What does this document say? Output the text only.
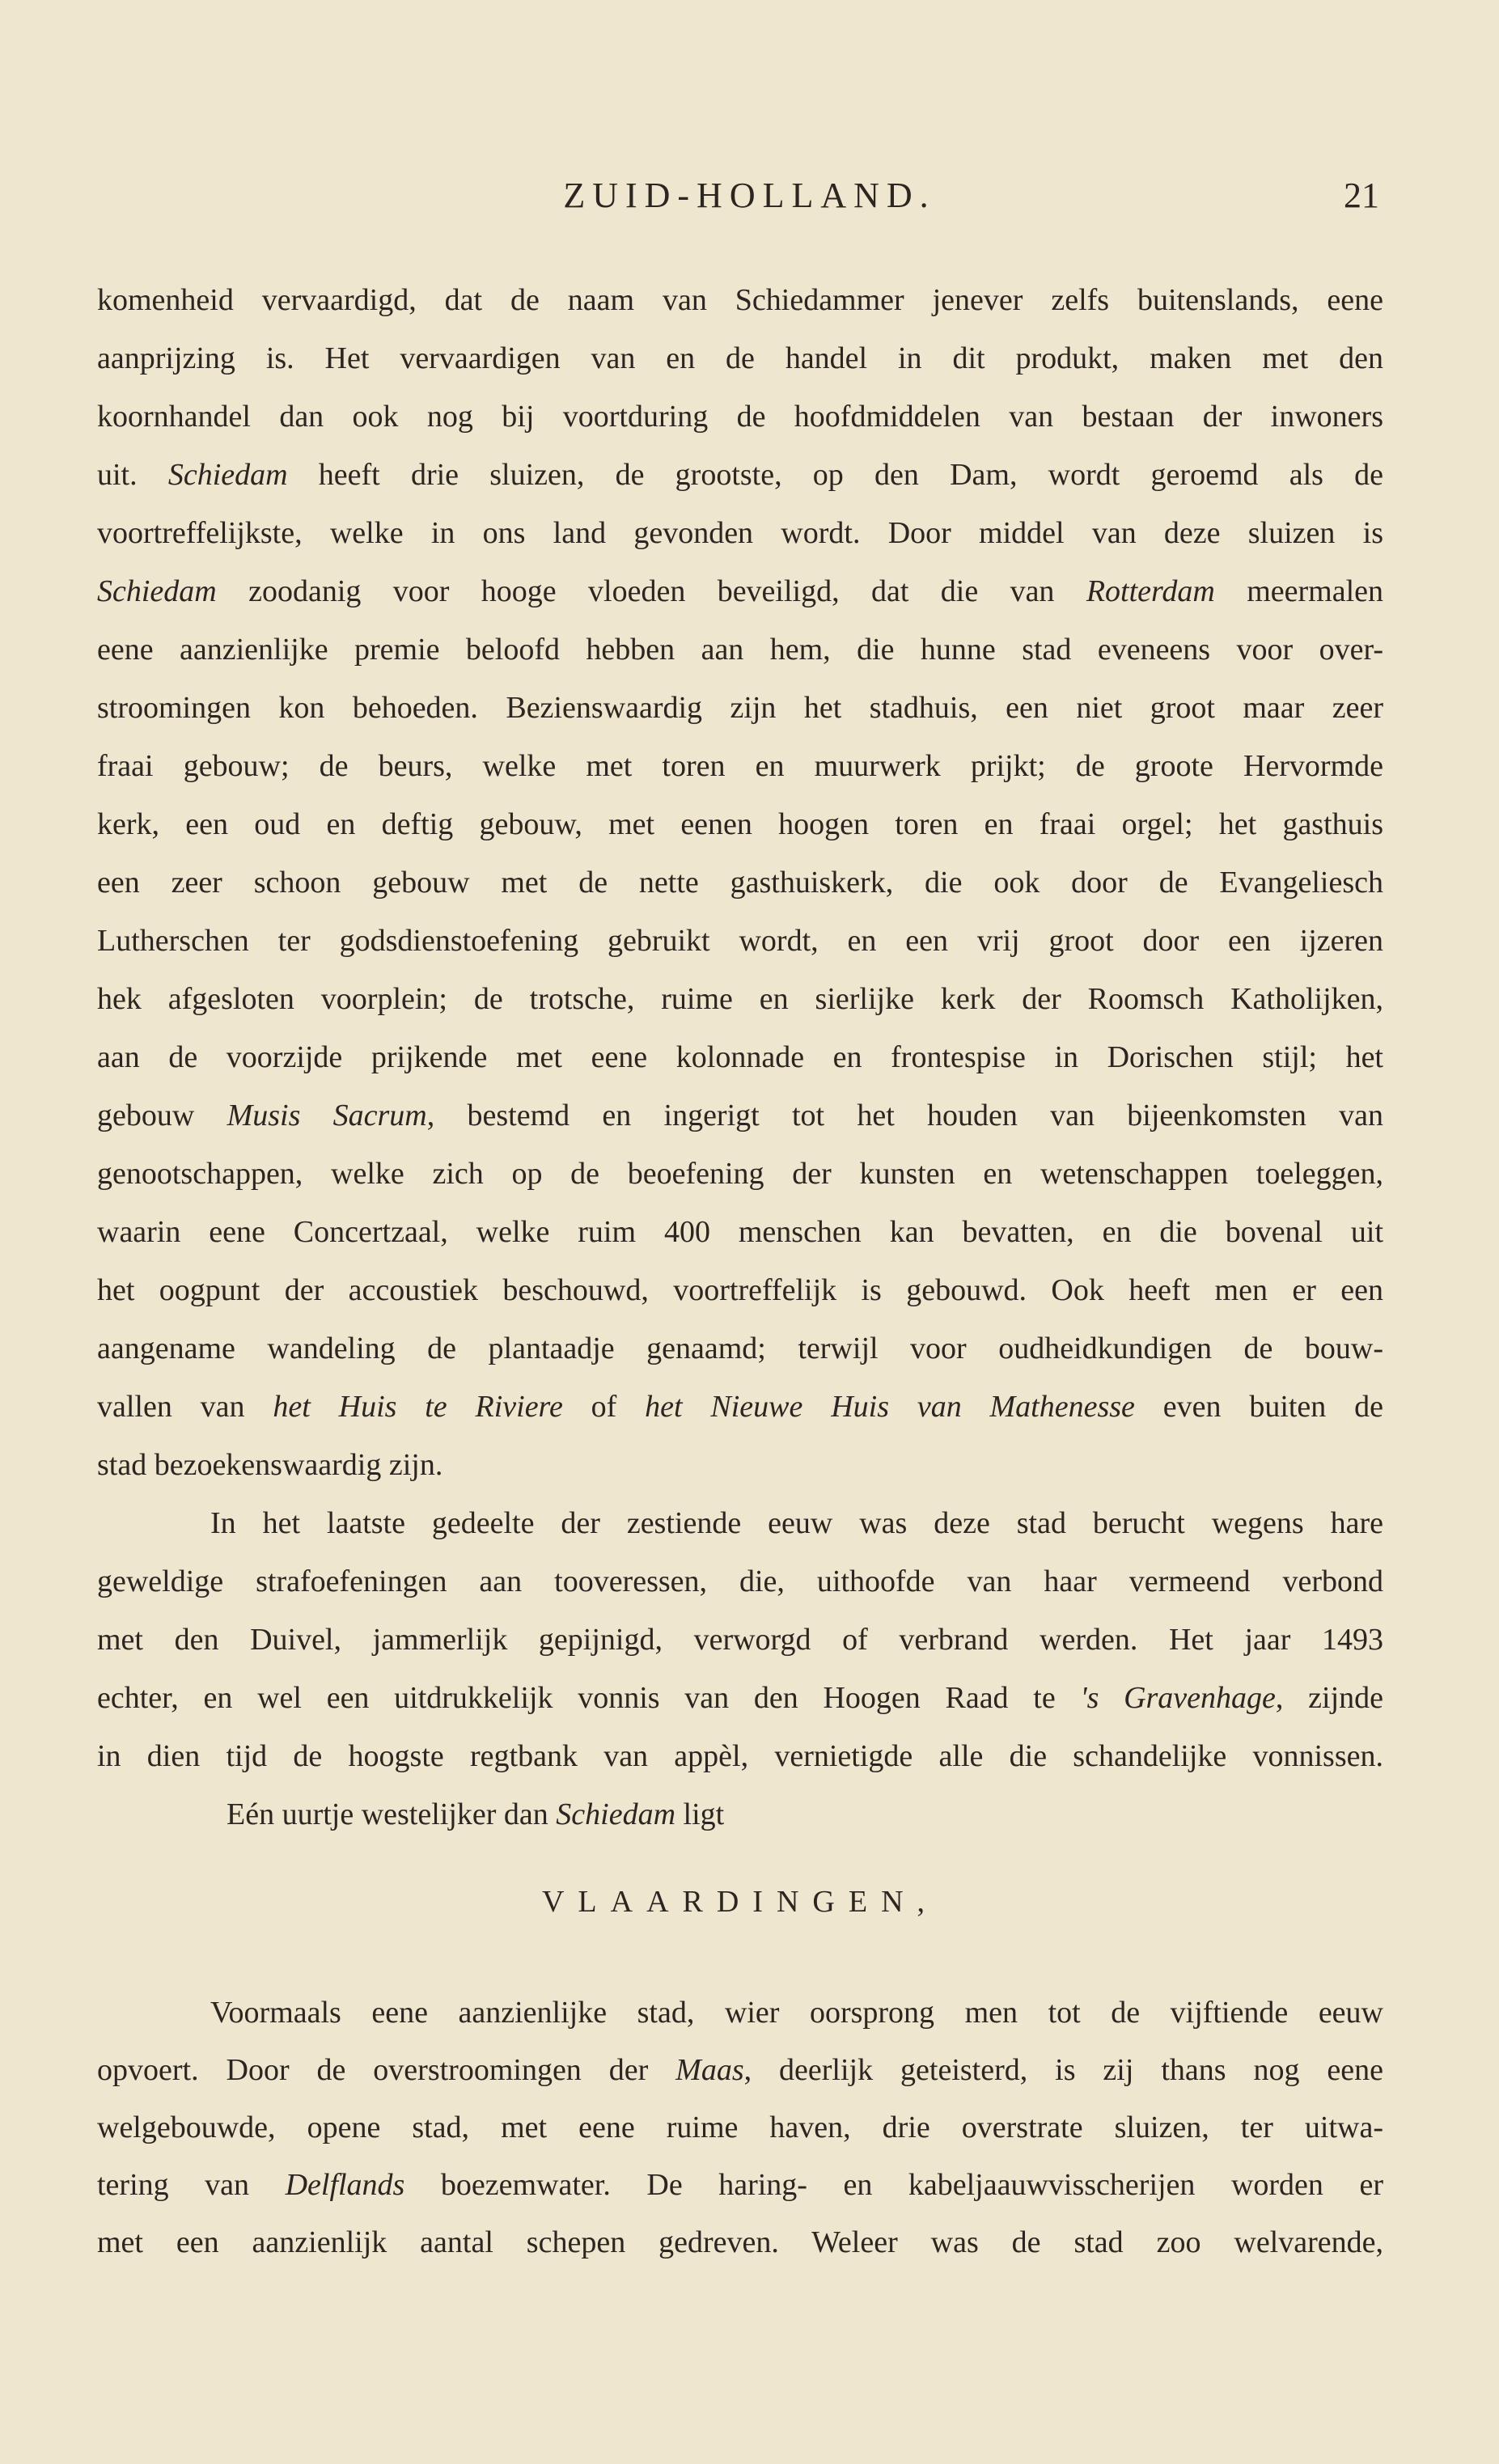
ZUID-HOLLAND.	21
komenheid vervaardigd, dat de naam van Schiedammer jenever zelfs buitenslands, eene
aanprijzing is. Het vervaardigen van en de handel in dit produkt, maken met den
koornhandel dan ook nog bij voortduring de hoofdmiddelen van bestaan der inwoners
uit. Schiedam heeft drie sluizen, de grootste, op den Dam, wordt geroemd als de
voortreffelijkste, welke in ons land gevonden wordt. Door middel van deze sluizen is
Schiedam zoodanig voor hooge vloeden beveiligd, dat die van Rotterdam meermalen
eene aanzienlijke premie beloofd hebben aan hem, die hunne stad eveneens voor over-
stroomingen kon behoeden. Bezienswaardig zijn het stadhuis, een niet groot maar zeer
fraai gebouw; de beurs, welke met toren en muurwerk prijkt; de groote Hervormde
kerk, een oud en deftig gebouw, met eenen hoogen toren en fraai orgel; het gasthuis
een zeer schoon gebouw met de nette gasthuiskerk, die ook door de Evangeliesch
Lutherschen ter godsdienstoefening gebruikt wordt, en een vrij groot door een ijzeren
hek afgesloten voorplein; de trotsche, ruime en sierlijke kerk der Roomsch Katholijken,
aan de voorzijde prijkende met eene kolonnade en frontespise in Dorischen stijl; het
gebouw Musis Sacrum, bestemd en ingerigt tot het houden van bijeenkomsten van
genootschappen, welke zich op de beoefening der kunsten en wetenschappen toeleggen,
waarin eene Concertzaal, welke ruim 400 menschen kan bevatten, en die bovenal uit
het oogpunt der accoustiek beschouwd, voortreffelijk is gebouwd. Ook heeft men er een
aangename wandeling de plantaadje genaamd; terwijl voor oudheidkundigen de bouw-
vallen van het Huis te Riviere of het Nieuwe Huis van Mathenesse even buiten de
stad bezoekenswaardig zijn.
In het laatste gedeelte der zestiende eeuw was deze stad berucht wegens hare
geweldige strafoefeningen aan tooveressen, die, uithoofde van haar vermeend verbond
met den Duivel, jammerlijk gepijnigd, verworgd of verbrand werden. Het jaar 1493
echter, en wel een uitdrukkelijk vonnis van den Hoogen Raad te 's Gravenhage, zijnde
in dien tijd de hoogste regtbank van appèl, vernietigde alle die schandelijke vonnissen.
Eén uurtje westelijker dan Schiedam ligt
VLAARDINGEN,
Voormaals eene aanzienlijke stad, wier oorsprong men tot de vijftiende eeuw
opvoert. Door de overstroomingen der Maas, deerlijk geteisterd, is zij thans nog eene
welgebouwde, opene stad, met eene ruime haven, drie overstrate sluizen, ter uitwa-
tering van Delflands boezemwater. De haring- en kabeljaauwvisscherijen worden er
met een aanzienlijk aantal schepen gedreven. Weleer was de stad zoo welvarende,
